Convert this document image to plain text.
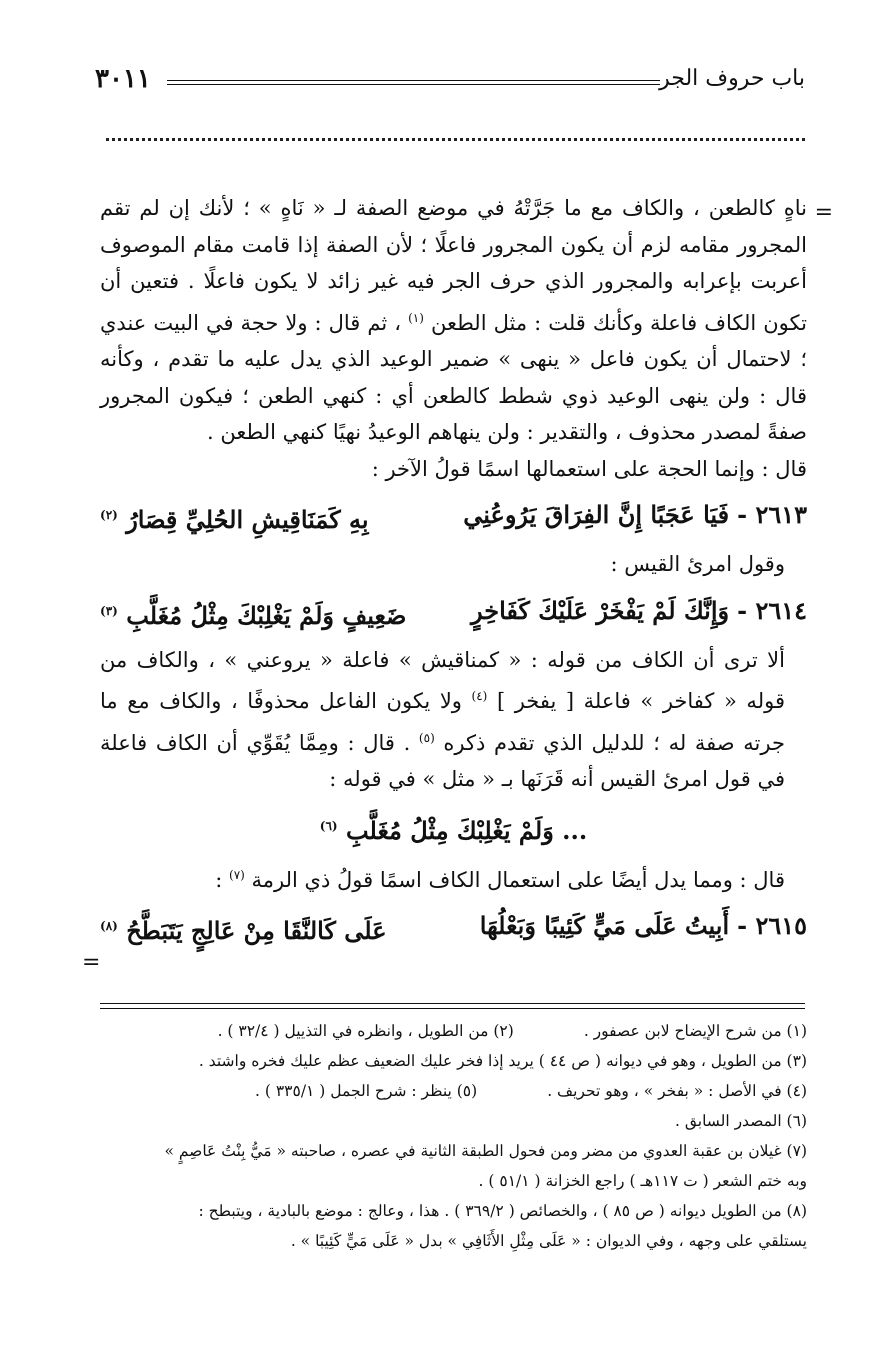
باب حروف الجر
٣٠١١
=

ناهٍ كالطعن ، والكاف مع ما جَرَّتْهُ في موضع الصفة لـ « نَاهٍ » ؛ لأنك إن لم تقم المجرور مقامه لزم أن يكون المجرور فاعلًا ؛ لأن الصفة إذا قامت مقام الموصوف أعربت بإعرابه والمجرور الذي حرف الجر فيه غير زائد لا يكون فاعلًا . فتعين أن تكون الكاف فاعلة وكأنك قلت : مثل الطعن $^{(١)}$ ، ثم قال : ولا حجة في البيت عندي ؛ لاحتمال أن يكون فاعل « ينهى » ضمير الوعيد الذي يدل عليه ما تقدم ، وكأنه قال : ولن ينهى الوعيد ذوي شطط كالطعن أي : كنهي الطعن ؛ فيكون المجرور صفةً لمصدر محذوف ، والتقدير : ولن ينهاهم الوعيدُ نهيًا كنهي الطعن .

قال : وإنما الحجة على استعمالها اسمًا قولُ الآخر :

٢٦١٣ -فَيَا عَجَبًا إِنَّ الفِرَاقَ يَرُوعُنِي
بِهِ كَمَنَاقِيشِ الحُلِيِّ قِصَارُ $^{(٢)}$

وقول امرئ القيس :

٢٦١٤ -وَإِنَّكَ لَمْ يَفْخَرْ عَلَيْكَ كَفَاخِرٍ
ضَعِيفٍ وَلَمْ يَغْلِبْكَ مِثْلُ مُغَلَّبِ $^{(٣)}$

ألا ترى أن الكاف من قوله : « كمناقيش » فاعلة « يروعني » ، والكاف من قوله « كفاخر » فاعلة [ يفخر ] $^{(٤)}$ ولا يكون الفاعل محذوفًا ، والكاف مع ما جرته صفة له ؛ للدليل الذي تقدم ذكره $^{(٥)}$ . قال : ومِمَّا يُقَوِّي أن الكاف فاعلة في قول امرئ القيس أنه قَرَنَها بـ « مثل » في قوله :

... وَلَمْ يَغْلِبْكَ مِثْلُ مُغَلَّبِ $^{(٦)}$

قال : ومما يدل أيضًا على استعمال الكاف اسمًا قولُ ذي الرمة $^{(٧)}$ :

٢٦١٥ -أَبِيتُ عَلَى مَيٍّ كَئِيبًا وَبَعْلُهَا
عَلَى كَالنَّقَا مِنْ عَالِجٍ يَتَبَطَّحُ $^{(٨)}$
=
(١) من شرح الإيضاح لابن عصفور .
(٢) من الطويل ، وانظره في التذييل ( ٣٢/٤ ) .

(٣) من الطويل ، وهو في ديوانه ( ص ٤٤ ) يريد إذا فخر عليك الضعيف عظم عليك فخره واشتد .

(٤) في الأصل : « بفخر » ، وهو تحريف .
(٥) ينظر : شرح الجمل ( ٣٣٥/١ ) .

(٦) المصدر السابق .

(٧) غيلان بن عقبة العدوي من مضر ومن فحول الطبقة الثانية في عصره ، صاحبته « مَيُّ بِنْتُ عَاصِمٍ »

وبه ختم الشعر ( ت ١١٧هـ ) راجع الخزانة ( ٥١/١ ) .

(٨) من الطويل ديوانه ( ص ٨٥ ) ، والخصائص ( ٣٦٩/٢ ) . هذا ، وعالج : موضع بالبادية ، ويتبطح :

يستلقي على وجهه ، وفي الديوان : « عَلَى مِثْلِ الأَثَافِي » بدل « عَلَى مَيٍّ كَئِيبًا » .
